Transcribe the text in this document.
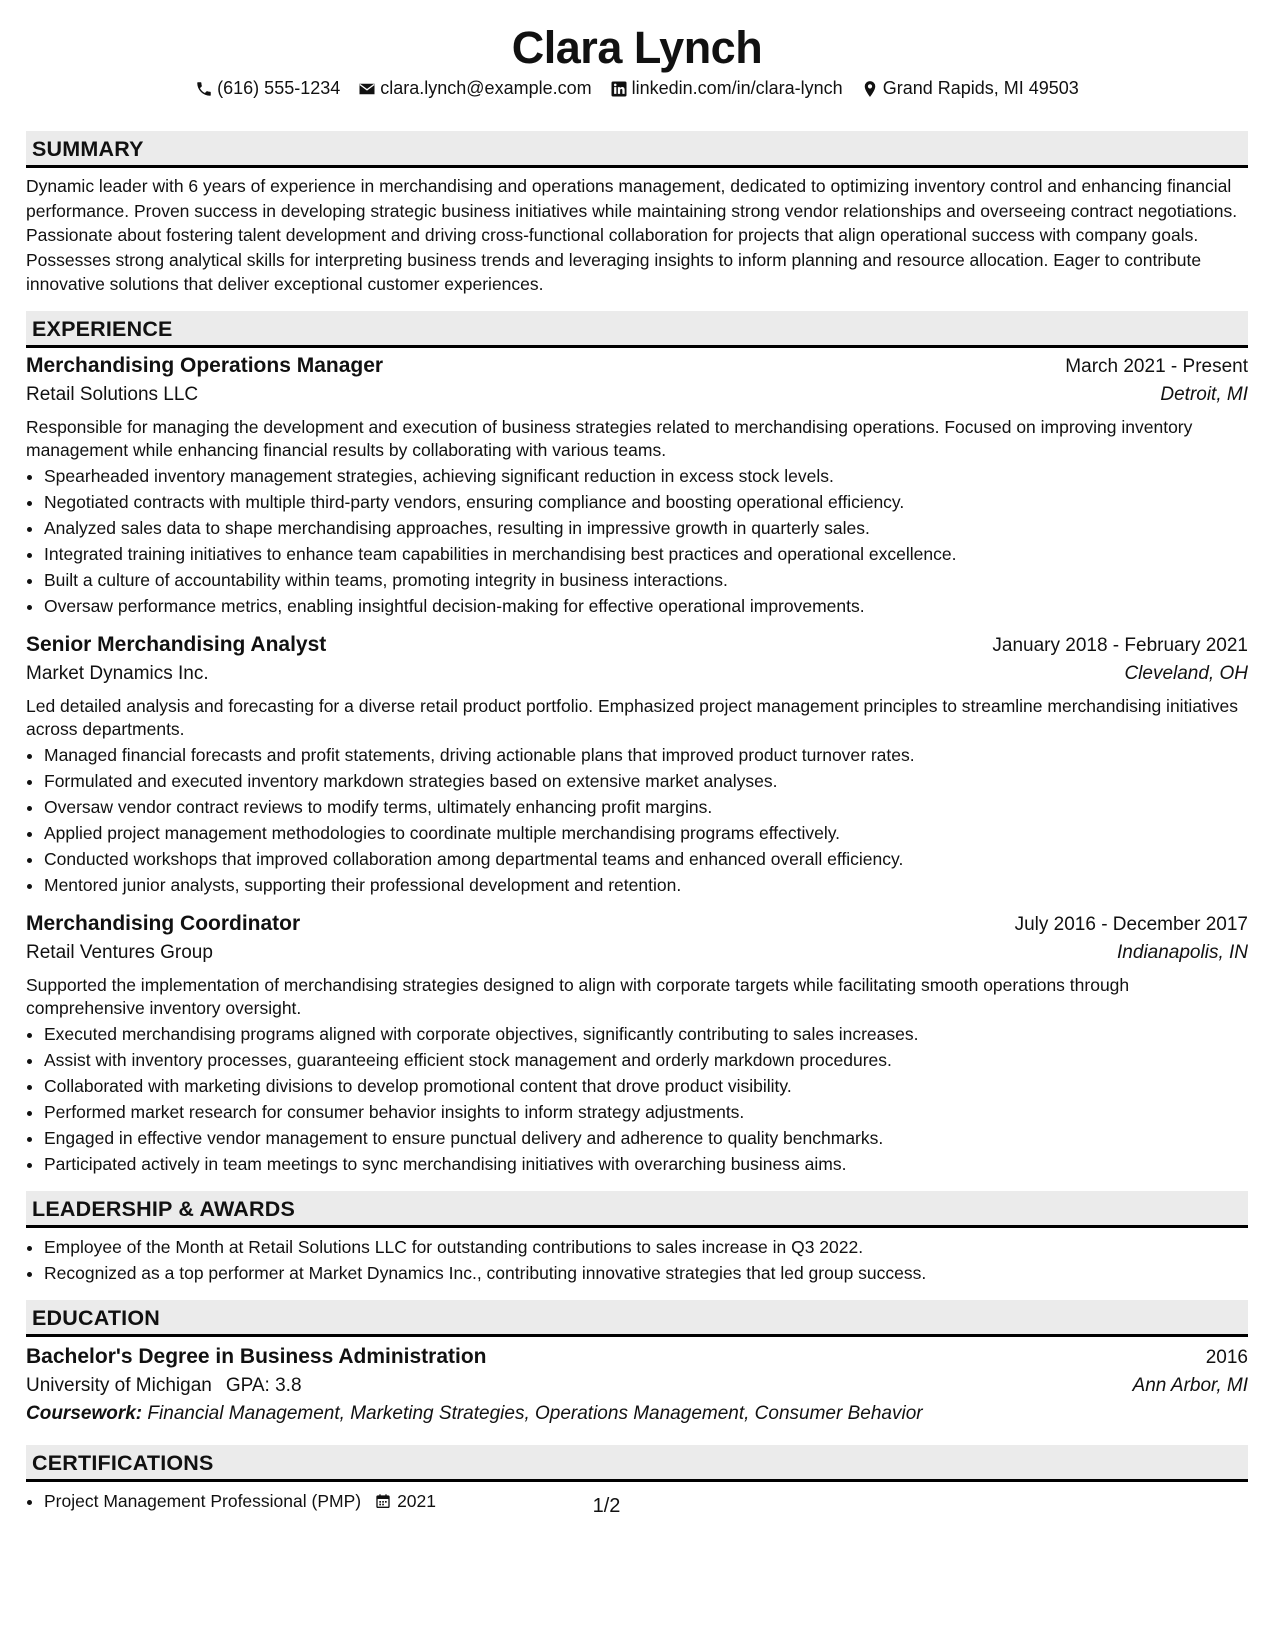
Clara Lynch
(616) 555-1234 clara.lynch@example.com linkedin.com/in/clara-lynch Grand Rapids, MI 49503
SUMMARY

Dynamic leader with 6 years of experience in merchandising and operations management, dedicated to optimizing inventory control and enhancing financial performance. Proven success in developing strategic business initiatives while maintaining strong vendor relationships and overseeing contract negotiations. Passionate about fostering talent development and driving cross-functional collaboration for projects that align operational success with company goals. Possesses strong analytical skills for interpreting business trends and leveraging insights to inform planning and resource allocation. Eager to contribute innovative solutions that deliver exceptional customer experiences.

EXPERIENCE
Merchandising Operations Manager	March 2021 - Present
Retail Solutions LLC	Detroit, MI
Responsible for managing the development and execution of business strategies related to merchandising operations. Focused on improving inventory management while enhancing financial results by collaborating with various teams.
• Spearheaded inventory management strategies, achieving significant reduction in excess stock levels.
• Negotiated contracts with multiple third-party vendors, ensuring compliance and boosting operational efficiency.
• Analyzed sales data to shape merchandising approaches, resulting in impressive growth in quarterly sales.
• Integrated training initiatives to enhance team capabilities in merchandising best practices and operational excellence.
• Built a culture of accountability within teams, promoting integrity in business interactions.
• Oversaw performance metrics, enabling insightful decision-making for effective operational improvements.
Senior Merchandising Analyst	January 2018 - February 2021
Market Dynamics Inc.	Cleveland, OH
Led detailed analysis and forecasting for a diverse retail product portfolio. Emphasized project management principles to streamline merchandising initiatives across departments.
• Managed financial forecasts and profit statements, driving actionable plans that improved product turnover rates.
• Formulated and executed inventory markdown strategies based on extensive market analyses.
• Oversaw vendor contract reviews to modify terms, ultimately enhancing profit margins.
• Applied project management methodologies to coordinate multiple merchandising programs effectively.
• Conducted workshops that improved collaboration among departmental teams and enhanced overall efficiency.
• Mentored junior analysts, supporting their professional development and retention.
Merchandising Coordinator	July 2016 - December 2017
Retail Ventures Group	Indianapolis, IN
Supported the implementation of merchandising strategies designed to align with corporate targets while facilitating smooth operations through comprehensive inventory oversight.
• Executed merchandising programs aligned with corporate objectives, significantly contributing to sales increases.
• Assist with inventory processes, guaranteeing efficient stock management and orderly markdown procedures.
• Collaborated with marketing divisions to develop promotional content that drove product visibility.
• Performed market research for consumer behavior insights to inform strategy adjustments.
• Engaged in effective vendor management to ensure punctual delivery and adherence to quality benchmarks.
• Participated actively in team meetings to sync merchandising initiatives with overarching business aims.
LEADERSHIP & AWARDS
• Employee of the Month at Retail Solutions LLC for outstanding contributions to sales increase in Q3 2022.
• Recognized as a top performer at Market Dynamics Inc., contributing innovative strategies that led group success.
EDUCATION
Bachelor's Degree in Business Administration	2016
University of Michigan GPA: 3.8	Ann Arbor, MI
Coursework: Financial Management, Marketing Strategies, Operations Management, Consumer Behavior
CERTIFICATIONS
• Project Management Professional (PMP) 2021	1/2
